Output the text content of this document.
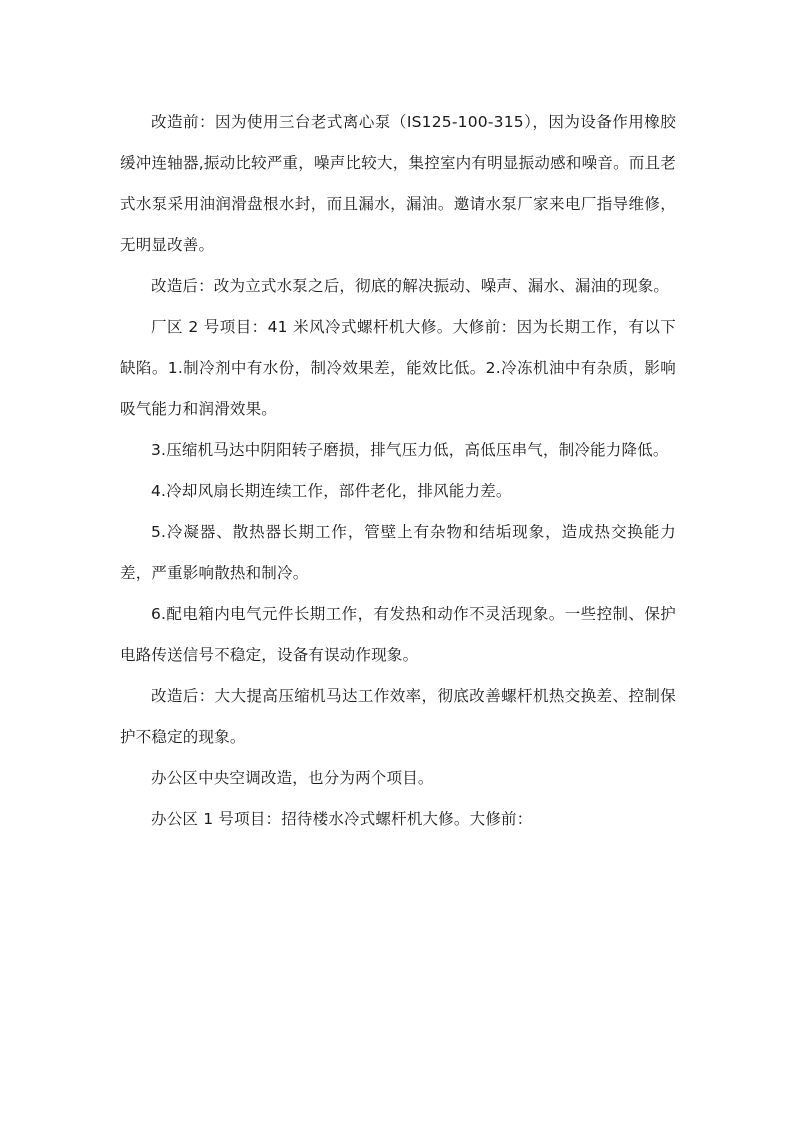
改造前：因为使用三台老式离心泵（IS125-100-315），因为设备作用橡胶缓冲连轴器,振动比较严重，噪声比较大，集控室内有明显振动感和噪音。而且老式水泵采用油润滑盘根水封，而且漏水，漏油。邀请水泵厂家来电厂指导维修，无明显改善。

改造后：改为立式水泵之后，彻底的解决振动、噪声、漏水、漏油的现象。

厂区 2 号项目：41 米风冷式螺杆机大修。大修前：因为长期工作，有以下缺陷。1.制冷剂中有水份，制冷效果差，能效比低。2.冷冻机油中有杂质，影响吸气能力和润滑效果。

3.压缩机马达中阴阳转子磨损，排气压力低，高低压串气，制冷能力降低。

4.冷却风扇长期连续工作，部件老化，排风能力差。

5.冷凝器、散热器长期工作，管壁上有杂物和结垢现象，造成热交换能力差，严重影响散热和制冷。

6.配电箱内电气元件长期工作，有发热和动作不灵活现象。一些控制、保护电路传送信号不稳定，设备有误动作现象。

改造后：大大提高压缩机马达工作效率，彻底改善螺杆机热交换差、控制保护不稳定的现象。

办公区中央空调改造，也分为两个项目。

办公区 1 号项目：招待楼水冷式螺杆机大修。大修前：
